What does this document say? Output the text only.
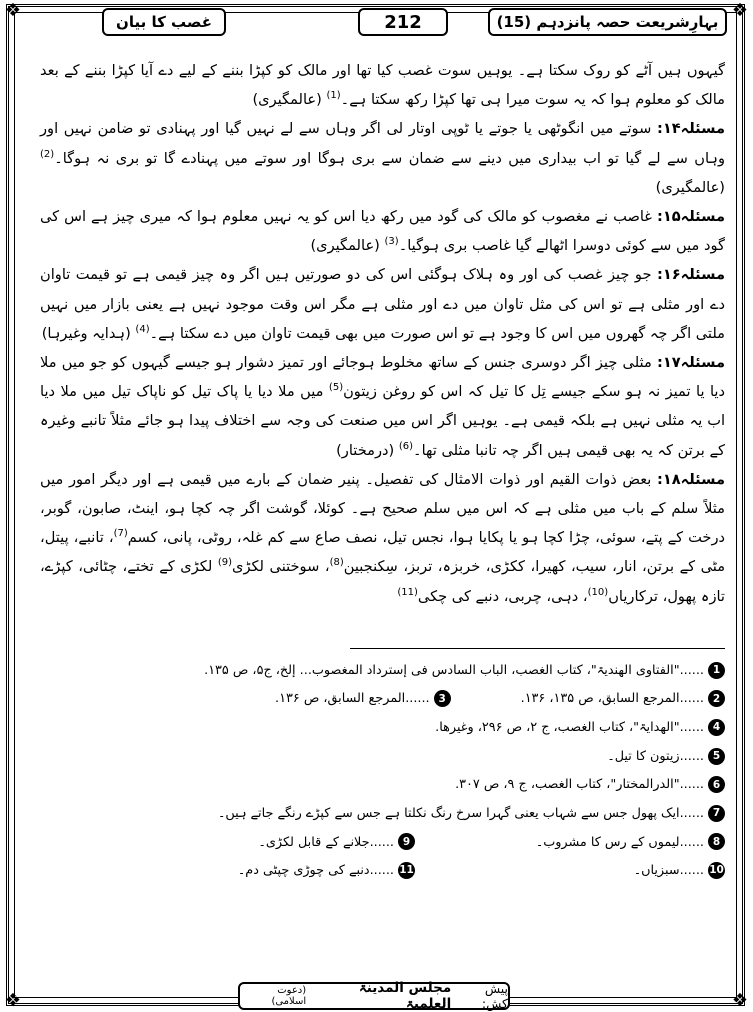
❖	❖
❖	❖
بہارِشریعت حصہ پانزدہم (15)
212
غصب کا بیان

گیہوں ہیں آٹے کو روک سکتا ہے۔ یوہیں سوت غصب کیا تھا اور مالک کو کپڑا بننے کے لیے دے آیا کپڑا بننے کے بعد مالک کو معلوم ہوا کہ یہ سوت میرا ہی تھا کپڑا رکھ سکتا ہے۔$^{(1)}$ (عالمگیری)

مسئلہ۱۴: سوتے میں انگوٹھی یا جوتے یا ٹوپی اوتار لی اگر وہاں سے لے نہیں گیا اور پہنادی تو ضامن نہیں اور وہاں سے لے گیا تو اب بیداری میں دینے سے ضمان سے بری ہوگا اور سوتے میں پہنادے گا تو بری نہ ہوگا۔$^{(2)}$ (عالمگیری)

مسئلہ۱۵: غاصب نے مغصوب کو مالک کی گود میں رکھ دیا اس کو یہ نہیں معلوم ہوا کہ میری چیز ہے اس کی گود میں سے کوئی دوسرا اٹھالے گیا غاصب بری ہوگیا۔$^{(3)}$ (عالمگیری)

مسئلہ۱۶: جو چیز غصب کی اور وہ ہلاک ہوگئی اس کی دو صورتیں ہیں اگر وہ چیز قیمی ہے تو قیمت تاوان دے اور مثلی ہے تو اس کی مثل تاوان میں دے اور مثلی ہے مگر اس وقت موجود نہیں ہے یعنی بازار میں نہیں ملتی اگر چہ گھروں میں اس کا وجود ہے تو اس صورت میں بھی قیمت تاوان میں دے سکتا ہے۔$^{(4)}$ (ہدایہ وغیرہا)

مسئلہ۱۷: مثلی چیز اگر دوسری جنس کے ساتھ مخلوط ہوجائے اور تمیز دشوار ہو جیسے گیہوں کو جو میں ملا دیا یا تمیز نہ ہو سکے جیسے تِل کا تیل کہ اس کو روغن زیتون$^{(5)}$ میں ملا دیا یا پاک تیل کو ناپاک تیل میں ملا دیا اب یہ مثلی نہیں ہے بلکہ قیمی ہے۔ یوہیں اگر اس میں صنعت کی وجہ سے اختلاف پیدا ہو جائے مثلاً تانبے وغیرہ کے برتن کہ یہ بھی قیمی ہیں اگر چہ تانبا مثلی تھا۔$^{(6)}$ (درمختار)

مسئلہ۱۸: بعض ذوات القیم اور ذوات الامثال کی تفصیل۔ پنیر ضمان کے بارے میں قیمی ہے اور دیگر امور میں مثلاً سلم کے باب میں مثلی ہے کہ اس میں سلم صحیح ہے۔ کوئلا، گوشت اگر چہ کچا ہو، اینٹ، صابون، گوبر، درخت کے پتے، سوئی، چڑا کچا ہو یا پکایا ہوا، نجس تیل، نصف صاع سے کم غلہ، روٹی، پانی، کسم$^{(7)}$، تانبے، پیتل، مٹی کے برتن، انار، سیب، کھیرا، ککڑی، خربزہ، تربز، سِکنجبین$^{(8)}$، سوختنی لکڑی$^{(9)}$ لکڑی کے تختے، چٹائی، کپڑے، تازہ پھول، ترکاریاں$^{(10)}$، دہی، چربی، دنبے کی چکی$^{(11)}$

1
......"الفتاوی الھندیۃ"، کتاب الغصب، الباب السادس فی إسترداد المغصوب... إلخ، ج۵، ص ۱۳۵.
2
......المرجع السابق، ص ۱۳۵، ۱۳۶.
3
......المرجع السابق، ص ۱۳۶.
4
......"الھدایۃ"، کتاب الغصب، ج ۲، ص ۲۹۶، وغیرھا.
5
......زیتون کا تیل۔
6
......"الدرالمختار"، کتاب الغصب، ج ۹، ص ۳۰۷.
7
......ایک پھول جس سے شہاب یعنی گہرا سرخ رنگ نکلتا ہے جس سے کپڑے رنگے جاتے ہیں۔
8
......لیموں کے رس کا مشروب۔
9
......جلانے کے قابل لکڑی۔
10
......سبزیاں۔
11
......دنبے کی چوڑی چپٹی دم۔
پیش کش:
مجلس المدینۃ العلمیۃ
(دعوت اسلامی)
